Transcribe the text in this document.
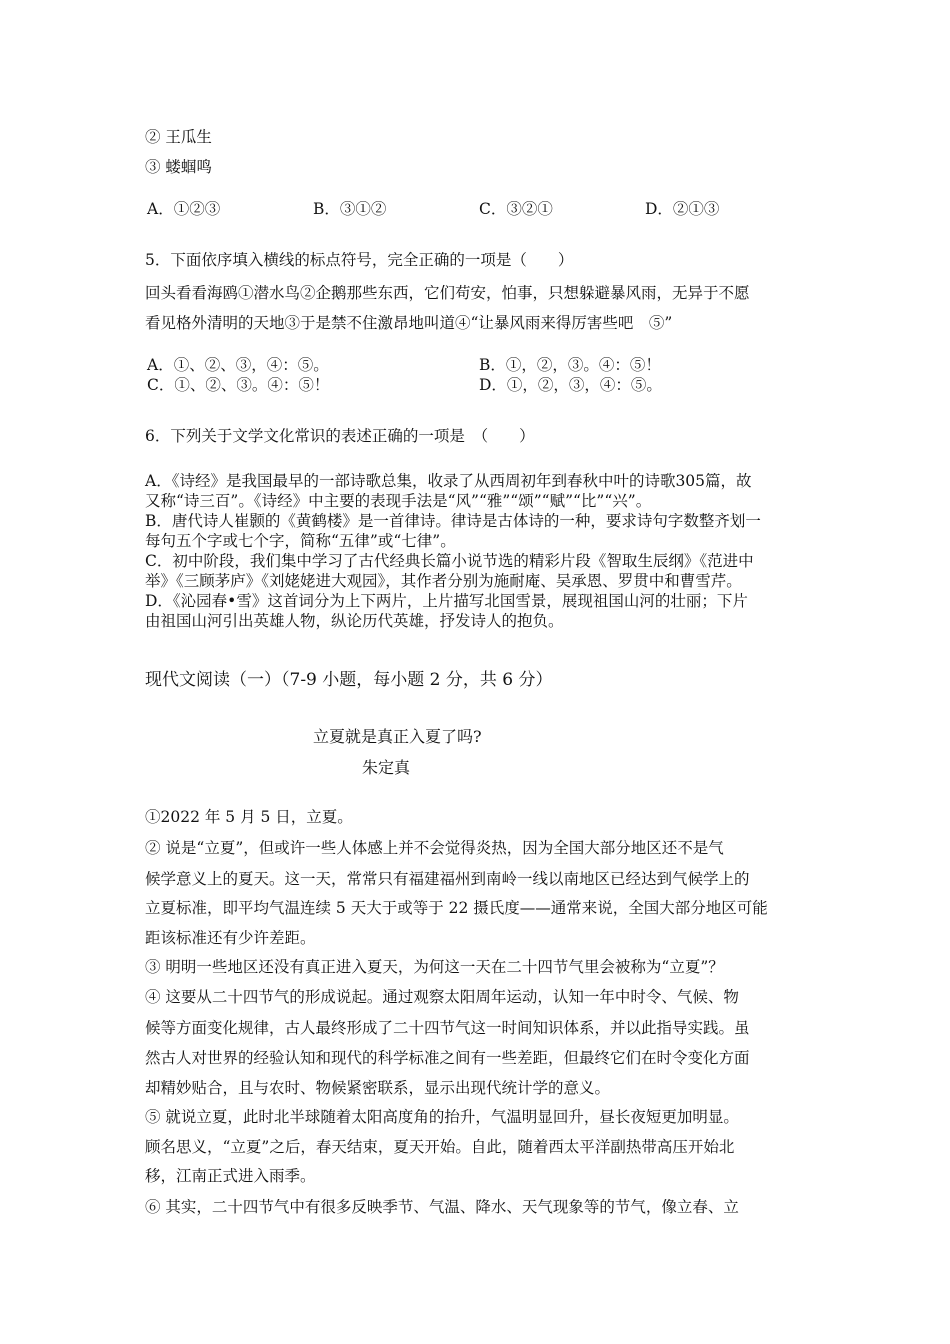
② 王瓜生
③ 蝼蝈鸣
A．①②③	B．③①②	C．③②①	D．②①③
5．下面依序填入横线的标点符号，完全正确的一项是（　　）
回头看看海鸥①潜水鸟②企鹅那些东西，它们苟安，怕事，只想躲避暴风雨，无异于不愿
看见格外清明的天地③于是禁不住激昂地叫道④“让暴风雨来得厉害些吧　⑤”
A．①、②、③，④：⑤。	B．①，②，③。④：⑤！
C．①、②、③。④：⑤！	D．①，②，③，④：⑤。
6．下列关于文学文化常识的表述正确的一项是　（　　）
A．《诗经》是我国最早的一部诗歌总集，收录了从西周初年到春秋中叶的诗歌305篇，故
又称“诗三百”。《诗经》中主要的表现手法是“风”“雅”“颂”“赋”“比”“兴”。
B．唐代诗人崔颢的《黄鹤楼》是一首律诗。律诗是古体诗的一种，要求诗句字数整齐划一
每句五个字或七个字，简称“五律”或“七律”。
C．初中阶段，我们集中学习了古代经典长篇小说节选的精彩片段《智取生辰纲》《范进中
举》《三顾茅庐》《刘姥姥进大观园》，其作者分别为施耐庵、吴承恩、罗贯中和曹雪芹。
D．《沁园春•雪》这首词分为上下两片，上片描写北国雪景，展现祖国山河的壮丽；下片
由祖国山河引出英雄人物，纵论历代英雄，抒发诗人的抱负。
现代文阅读（一）（7-9 小题，每小题 2 分，共 6 分）
立夏就是真正入夏了吗?
朱定真
①2022 年 5 月 5 日，立夏。
② 说是“立夏”，但或许一些人体感上并不会觉得炎热，因为全国大部分地区还不是气
候学意义上的夏天。这一天，常常只有福建福州到南岭一线以南地区已经达到气候学上的
立夏标准，即平均气温连续 5 天大于或等于 22 摄氏度——通常来说，全国大部分地区可能
距该标准还有少许差距。
③ 明明一些地区还没有真正进入夏天，为何这一天在二十四节气里会被称为“立夏”？
④ 这要从二十四节气的形成说起。通过观察太阳周年运动，认知一年中时令、气候、物
候等方面变化规律，古人最终形成了二十四节气这一时间知识体系，并以此指导实践。虽
然古人对世界的经验认知和现代的科学标准之间有一些差距，但最终它们在时令变化方面
却精妙贴合，且与农时、物候紧密联系，显示出现代统计学的意义。
⑤ 就说立夏，此时北半球随着太阳高度角的抬升，气温明显回升，昼长夜短更加明显。
顾名思义，“立夏”之后，春天结束，夏天开始。自此，随着西太平洋副热带高压开始北
移，江南正式进入雨季。
⑥ 其实，二十四节气中有很多反映季节、气温、降水、天气现象等的节气，像立春、立
